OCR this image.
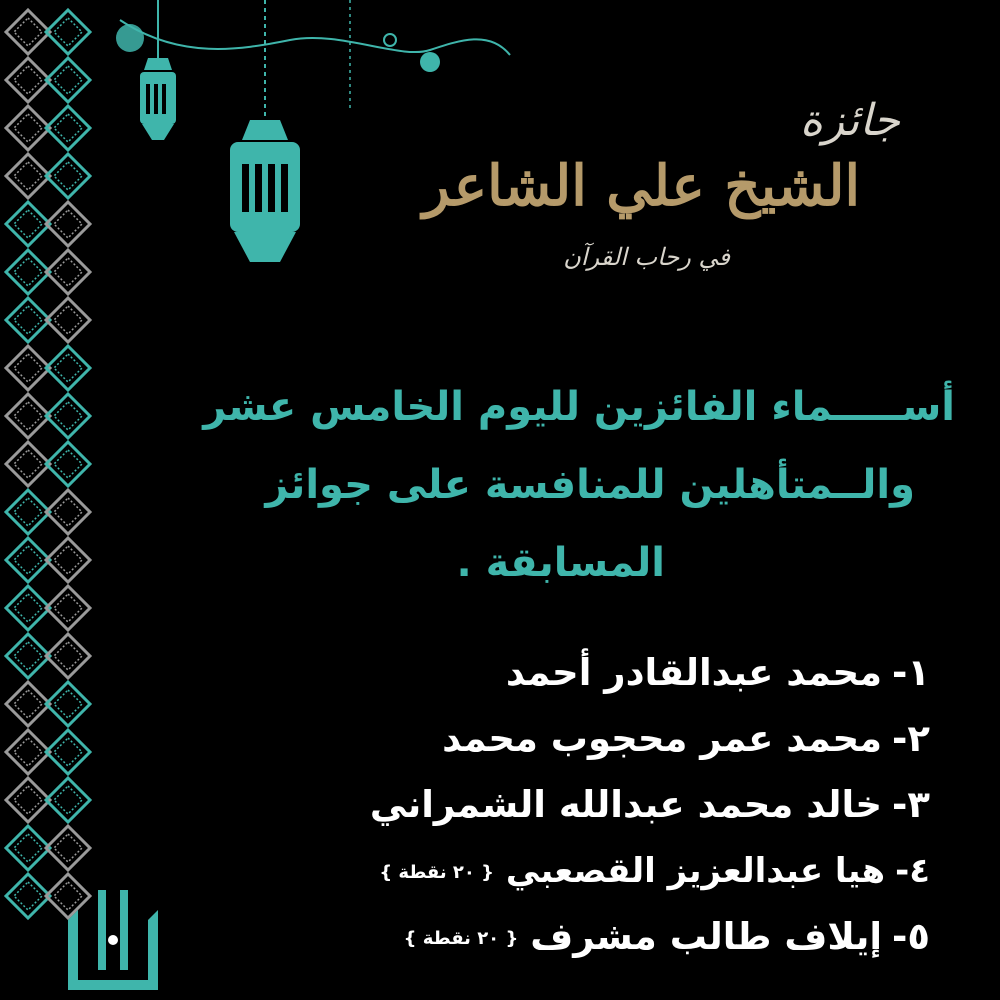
جائزة
الشيخ علي الشاعر
في رحاب القرآن
أســـــماء الفائزين لليوم الخامس عشر
والــمتأهلين للمنافسة على جوائز
المسابقة .
١-محمد عبدالقادر أحمد
٢-محمد عمر محجوب محمد
٣-خالد محمد عبدالله الشمراني
٤-هيا عبدالعزيز القصعبي{ ٢٠ نقطة }
٥-إيلاف طالب مشرف{ ٢٠ نقطة }
